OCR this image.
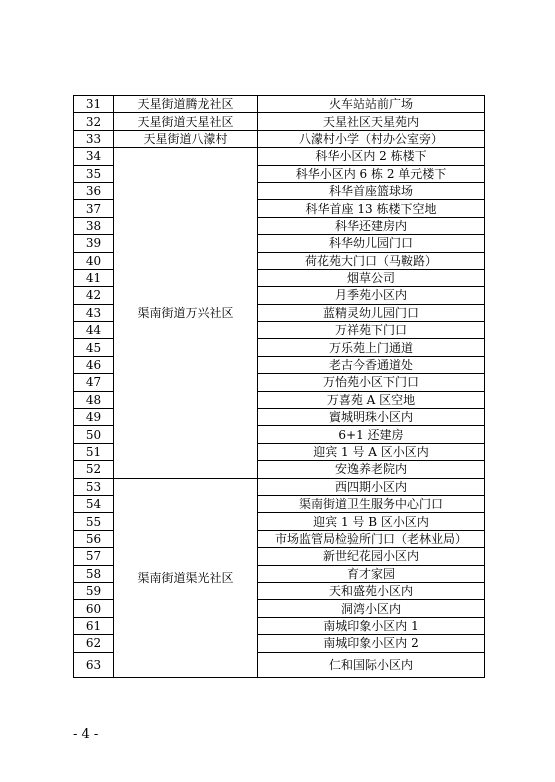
31	天星街道腾龙社区	火车站站前广场
32	天星街道天星社区	天星社区天星苑内
33	天星街道八濛村	八濛村小学（村办公室旁）
34	渠南街道万兴社区	科华小区内 2 栋楼下
35		科华小区内 6 栋 2 单元楼下
36		科华首座篮球场
37		科华首座 13 栋楼下空地
38		科华还建房内
39		科华幼儿园门口
40		荷花苑大门口（马鞍路）
41		烟草公司
42		月季苑小区内
43		蓝精灵幼儿园门口
44		万祥苑下门口
45		万乐苑上门通道
46		老古今香通道处
47		万怡苑小区下门口
48		万喜苑 A 区空地
49		賨城明珠小区内
50		6+1 还建房
51		迎宾 1 号 A 区小区内
52		安逸养老院内
53	渠南街道渠光社区	西四期小区内
54		渠南街道卫生服务中心门口
55		迎宾 1 号 B 区小区内
56		市场监管局检验所门口（老林业局）
57		新世纪花园小区内
58		育才家园
59		天和盛苑小区内
60		洞湾小区内
61		南城印象小区内 1
62		南城印象小区内 2
63		仁和国际小区内
- 4 -
